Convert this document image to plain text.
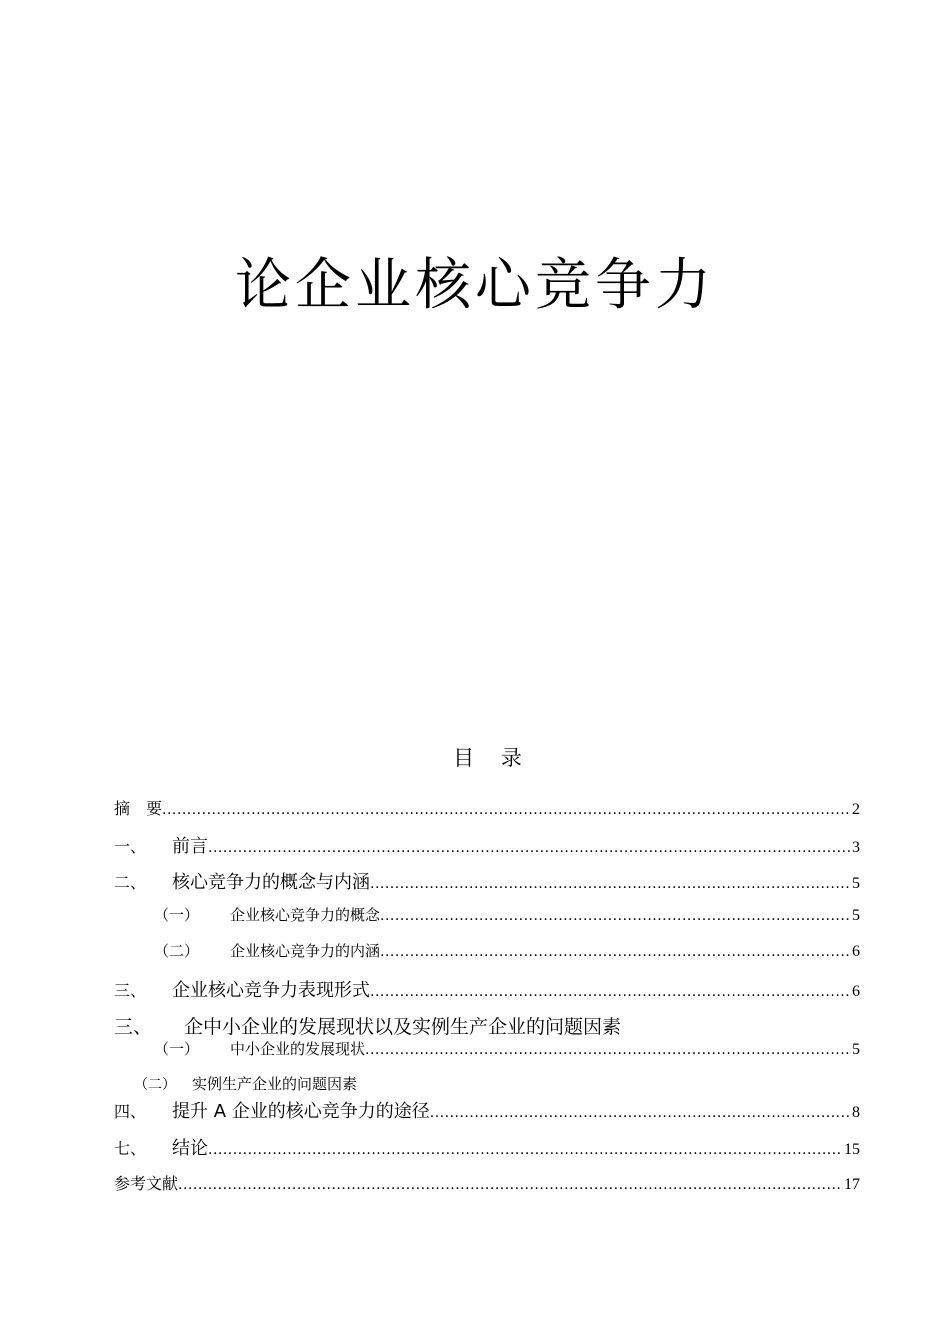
论企业核心竞争力
目    录
摘    要 .....	2
一、	前言 .....	3
二、	核心竞争力的概念与内涵 .....	5
（一）	企业核心竞争力的概念 .....	5
（二）	企业核心竞争力的内涵 .....	6
三、	企业核心竞争力表现形式 .....	6
三、	企中小企业的发展现状以及实例生产企业的问题因素
（一）	中小企业的发展现状 .....	5
（二）	实例生产企业的问题因素
四、	提升 A 企业的核心竞争力的途径 .....	8
七、	结论 .....	15
参考文献 .....	17
